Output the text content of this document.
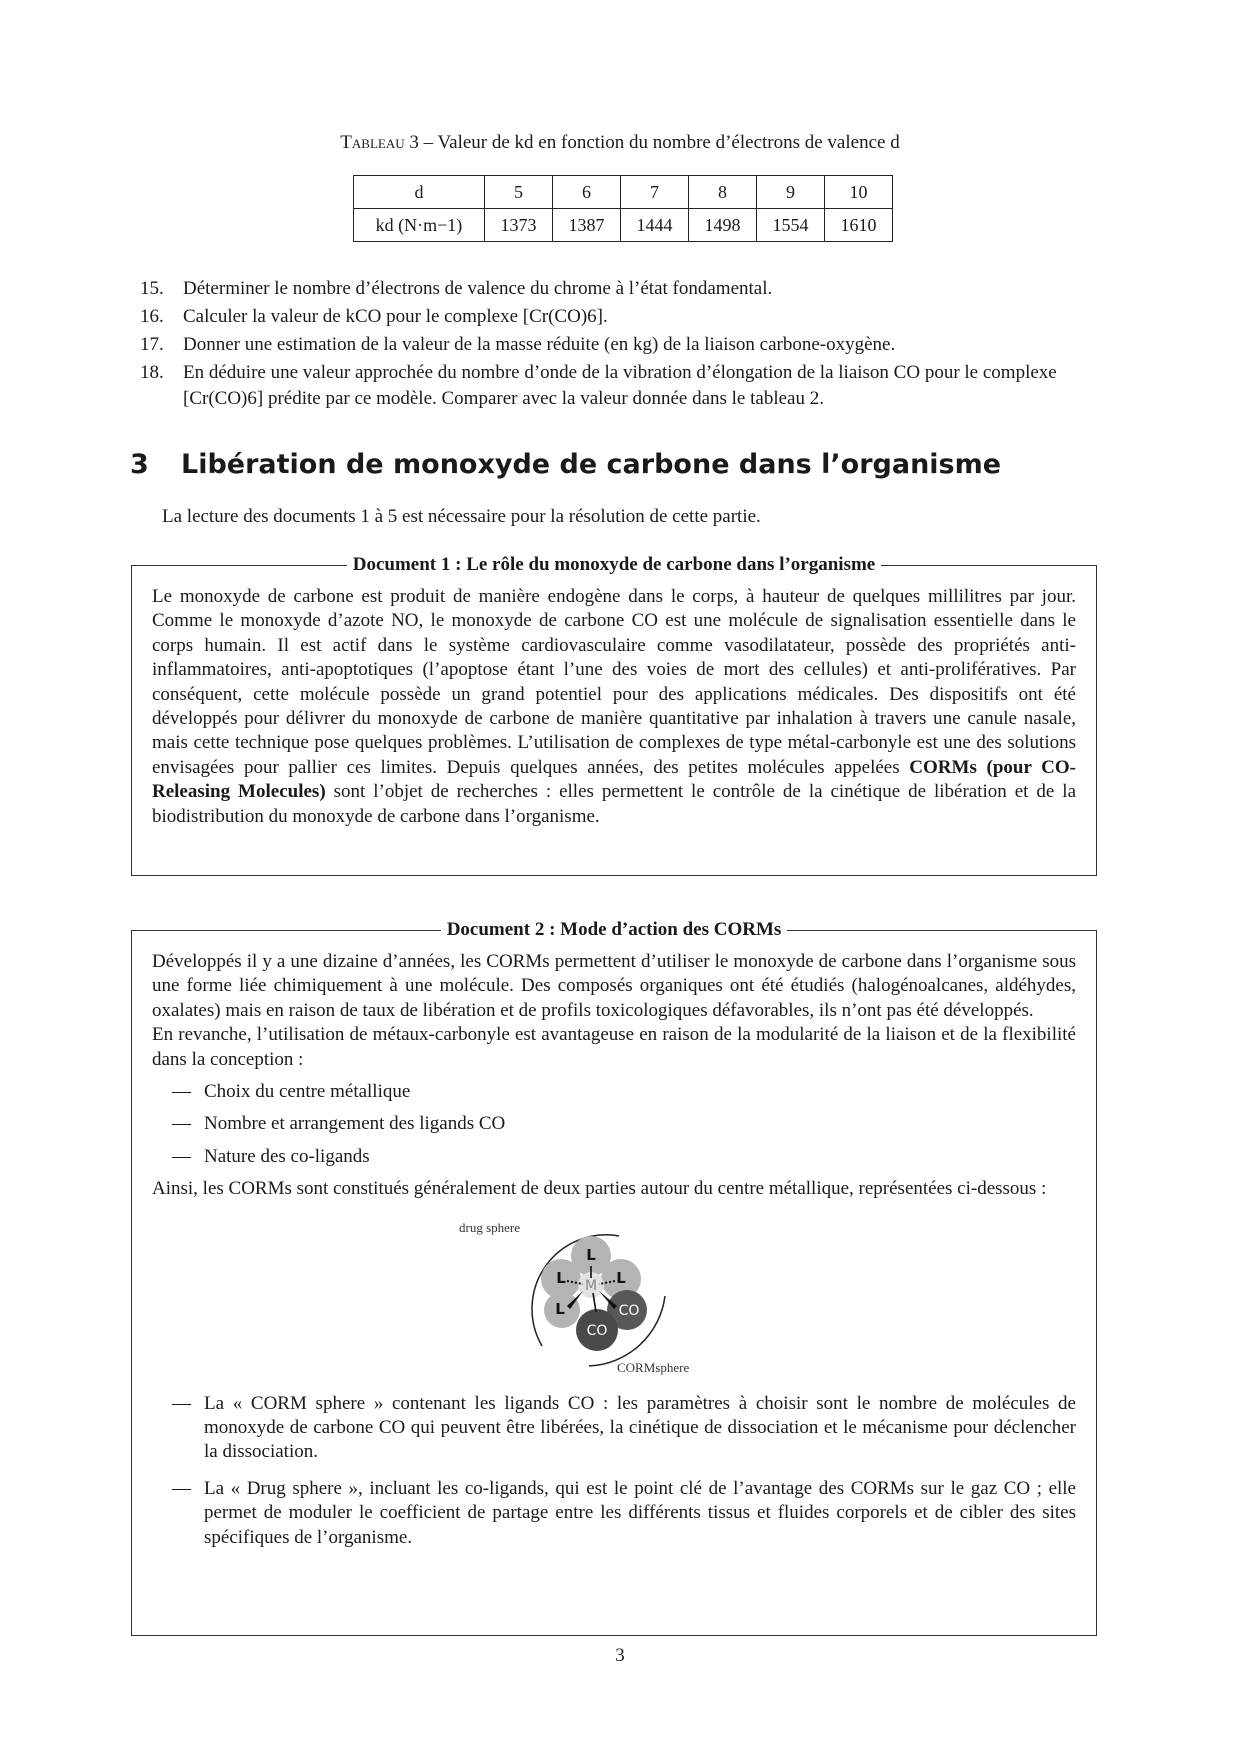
Tableau 3 – Valeur de kd en fonction du nombre d’électrons de valence d
d	5	6	7	8	9	10
kd (N·m−1)	1373	1387	1444	1498	1554	1610
15. Déterminer le nombre d’électrons de valence du chrome à l’état fondamental.
16. Calculer la valeur de kCO pour le complexe [Cr(CO)6].
17. Donner une estimation de la valeur de la masse réduite (en kg) de la liaison carbone-oxygène.
18. En déduire une valeur approchée du nombre d’onde de la vibration d’élongation de la liaison CO pour le complexe [Cr(CO)6] prédite par ce modèle. Comparer avec la valeur donnée dans le tableau 2.
3 Libération de monoxyde de carbone dans l’organisme
La lecture des documents 1 à 5 est nécessaire pour la résolution de cette partie.
Document 1 : Le rôle du monoxyde de carbone dans l’organisme

Le monoxyde de carbone est produit de manière endogène dans le corps, à hauteur de quelques millilitres par jour. Comme le monoxyde d’azote NO, le monoxyde de carbone CO est une molécule de signalisation essentielle dans le corps humain. Il est actif dans le système cardiovasculaire comme vasodilatateur, possède des propriétés anti-inflammatoires, anti-apoptotiques (l’apoptose étant l’une des voies de mort des cellules) et anti-prolifératives. Par conséquent, cette molécule possède un grand potentiel pour des applications médicales. Des dispositifs ont été développés pour délivrer du monoxyde de carbone de manière quantitative par inhalation à travers une canule nasale, mais cette technique pose quelques problèmes. L’utilisation de complexes de type métal-carbonyle est une des solutions envisagées pour pallier ces limites. Depuis quelques années, des petites molécules appelées CORMs (pour CO-Releasing Molecules) sont l’objet de recherches : elles permettent le contrôle de la cinétique de libération et de la biodistribution du monoxyde de carbone dans l’organisme.

Document 2 : Mode d’action des CORMs

Développés il y a une dizaine d’années, les CORMs permettent d’utiliser le monoxyde de carbone dans l’organisme sous une forme liée chimiquement à une molécule. Des composés organiques ont été étudiés (halogénoalcanes, aldéhydes, oxalates) mais en raison de taux de libération et de profils toxicologiques défavorables, ils n’ont pas été développés.

En revanche, l’utilisation de métaux-carbonyle est avantageuse en raison de la modularité de la liaison et de la flexibilité dans la conception :

— Choix du centre métallique
— Nombre et arrangement des ligands CO
— Nature des co-ligands

Ainsi, les CORMs sont constitués généralement de deux parties autour du centre métallique, représentées ci-dessous :

drug sphere
CORMsphere
L
L	L
L
M
CO
CO
— La « CORM sphere » contenant les ligands CO : les paramètres à choisir sont le nombre de molécules de monoxyde de carbone CO qui peuvent être libérées, la cinétique de dissociation et le mécanisme pour déclencher la dissociation.
— La « Drug sphere », incluant les co-ligands, qui est le point clé de l’avantage des CORMs sur le gaz CO ; elle permet de moduler le coefficient de partage entre les différents tissus et fluides corporels et de cibler des sites spécifiques de l’organisme.
3
